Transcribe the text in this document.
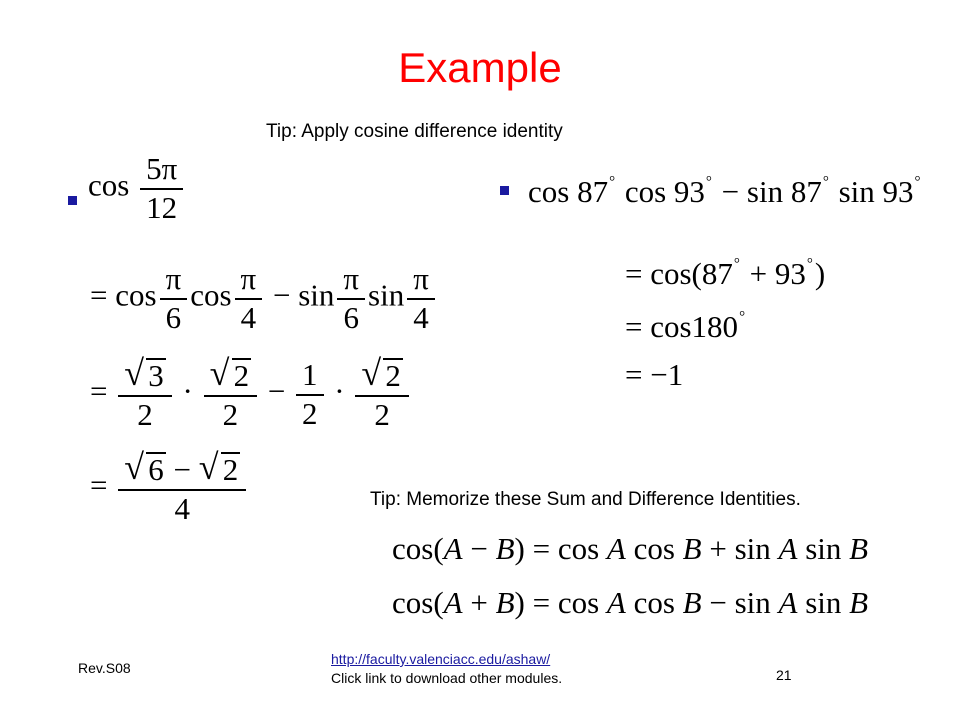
Example
Tip: Apply cosine difference identity
$\cos \frac{5\pi}{12}$
= $\cos \frac{\pi}{6}$ $\cos \frac{\pi}{4} - \sin \frac{\pi}{6}$ $\sin \frac{\pi}{4}$
= $\frac{√ 3}{2} \cdot \frac{√ 2}{2} - \frac{1}{2} \cdot \frac{√ 2}{2}$
= $\frac{√ 6 - √ 2}{4}$
cos 87° cos 93° − sin 87° sin 93°
= cos(87° + 93°)
= cos180°
= −1
Tip: Memorize these Sum and Difference Identities.
cos(A − B) = cos A cos B + sin A sin B
cos(A + B) = cos A cos B − sin A sin B
Rev.S08
http://faculty.valenciacc.edu/ashaw/
Click link to download other modules.	21
